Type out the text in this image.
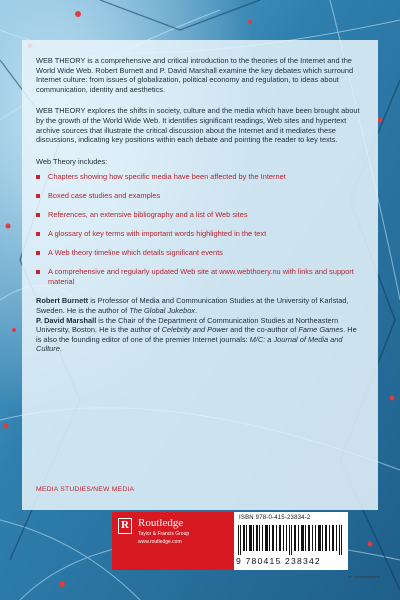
WEB THEORY is a comprehensive and critical introduction to the theories of the Internet and the World Wide Web. Robert Burnett and P. David Marshall examine the key debates which surround Internet culture: from issues of globalization, political economy and regulation, to ideas about communication, identity and aesthetics.

WEB THEORY explores the shifts in society, culture and the media which have been brought about by the growth of the World Wide Web. It identifies significant readings, Web sites and hypertext archive sources that illustrate the critical discussion about the Internet and it mediates these discussions, indicating key positions within each debate and pointing the reader to key texts.

Web Theory includes:

Chapters showing how specific media have been affected by the Internet
Boxed case studies and examples
References, an extensive bibliography and a list of Web sites
A glossary of key terms with important words highlighted in the text
A Web theory timeline which details significant events
A comprehensive and regularly updated Web site at www.webthoery.nu with links and support material

Robert Burnett is Professor of Media and Communication Studies at the University of Karlstad, Sweden. He is the author of The Global Jukebox.
P. David Marshall is the Chair of the Department of Communication Studies at Northeastern University, Boston. He is the author of Celebrity and Power and the co-author of Fame Games. He is also the founding editor of one of the premier Internet journals: M/C: a Journal of Media and Culture.

MEDIA STUDIES/NEW MEDIA
R Routledge
Taylor & Francis Group
www.routledge.com
ISBN 978-0-415-23834-2
9 780415 238342
an informa business
